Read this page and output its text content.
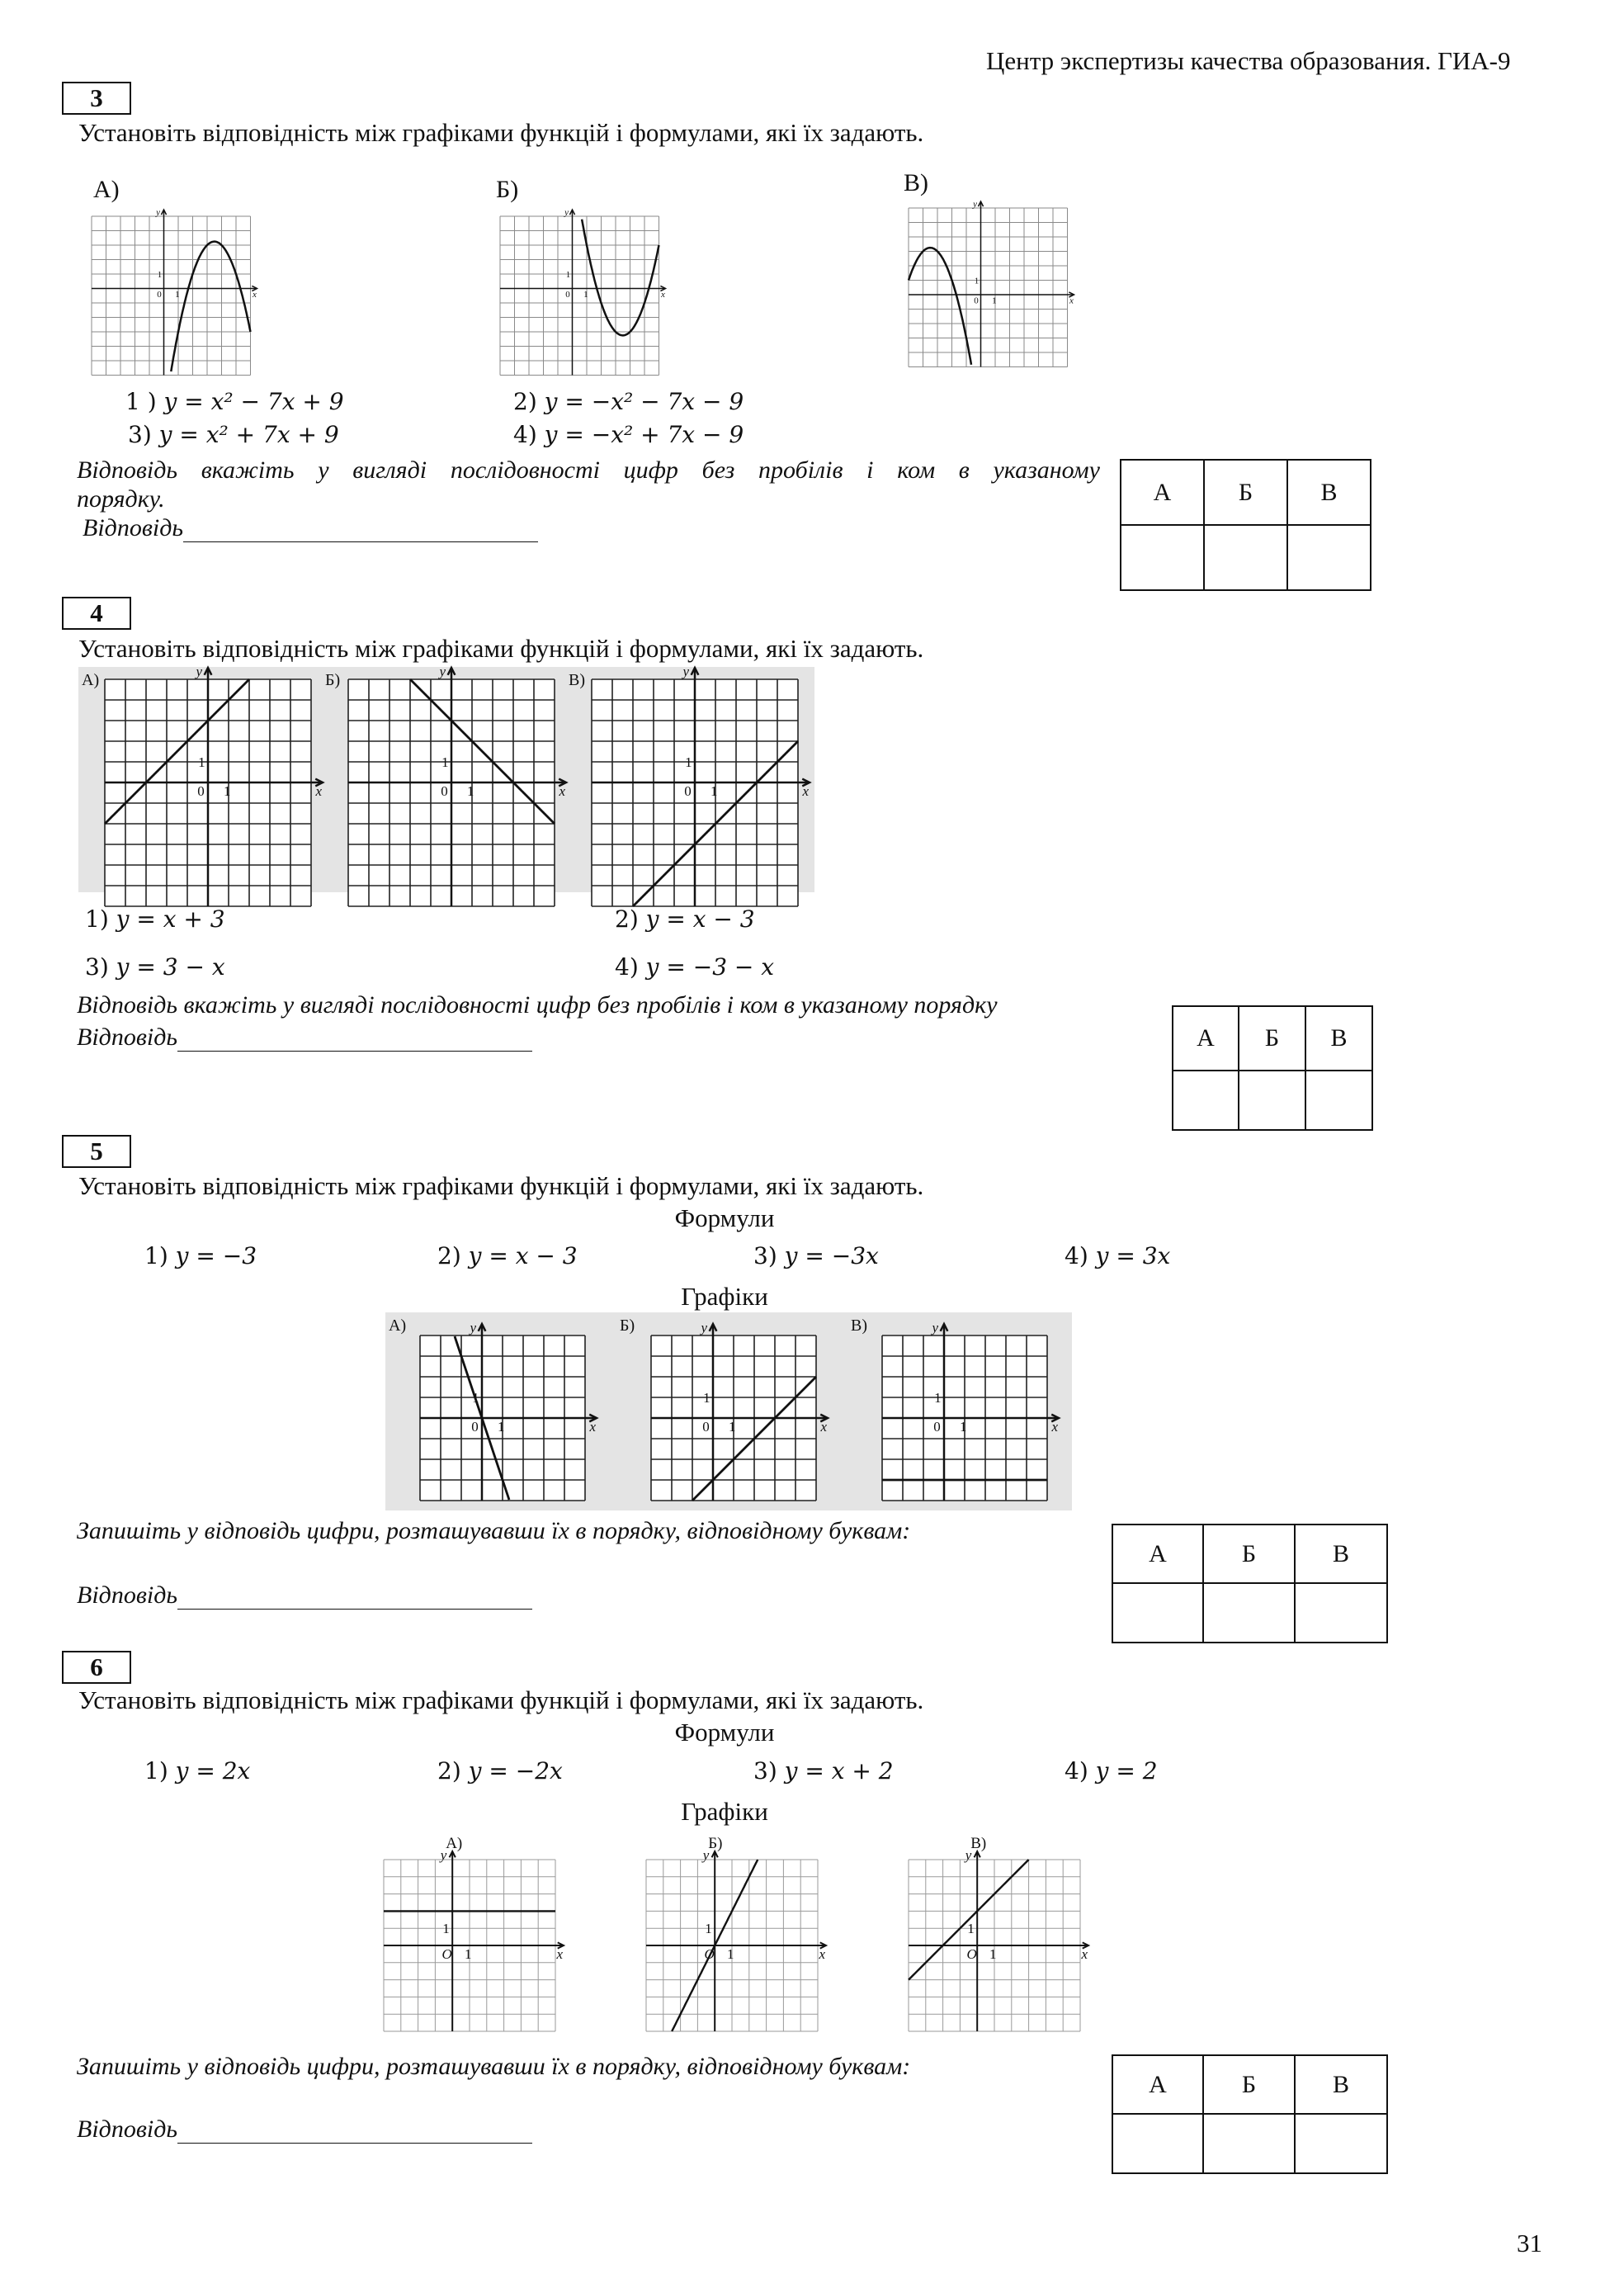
Центр экспертизы качества образования. ГИА-9
3
Установіть відповідність між графіками функцій і формулами, які їх задають.
А)	Б)	В)
0 1
1
x
y
0 1
1
x
y
0 1
1
x
y
1 ) y = x² − 7x + 9	2) y = −x² − 7x − 9
3) y = x² + 7x + 9	4) y = −x² + 7x − 9
Відповідь вкажіть у вигляді послідовності цифр без пробілів і ком в указаному
порядку.
Відповідь
А	Б	В

4
Установіть відповідність між графіками функцій і формулами, які їх задають.
0 1
1
x
y
А)
0 1
1
x
y
Б)
0 1
1
x
y
В)
1) y = x + 3	2) y = x − 3
3) y = 3 − x	4) y = −3 − x
Відповідь вкажіть у вигляді послідовності цифр без пробілів і ком в указаному порядку
Відповідь	А	Б	В

5
Установіть відповідність між графіками функцій і формулами, які їх задають.
Формули
1) y = −3	2) y = x − 3	3) y = −3x	4) y = 3x
Графіки
0 1
1
x
y
А)
0 1
1
x
y
Б)
0 1
1
x
y
В)
Запишіть у відповідь цифри, розташувавши їх в порядку, відповідному буквам:
Відповідь
А	Б	В

6
Установіть відповідність між графіками функцій і формулами, які їх задають.
Формули
1) y = 2x	2) y = −2x	3) y = x + 2	4) y = 2
Графіки
O 1
1
x
y
А)
O 1
1
x
y
Б)
O 1
1
x
y
В)
Запишіть у відповідь цифри, розташувавши їх в порядку, відповідному буквам:
Відповідь
А	Б	В

31
